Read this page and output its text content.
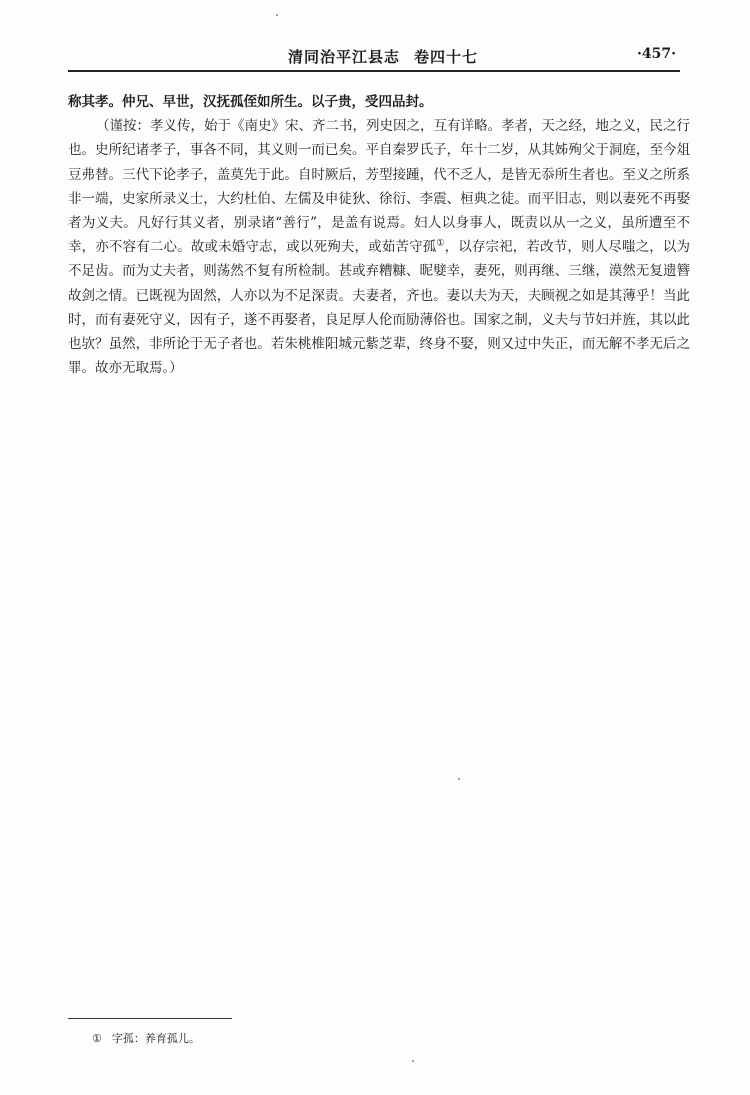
清同治平江县志 卷四十七	·457·

称其孝。仲兄、早世，汉抚孤侄如所生。以子贵，受四品封。

（谨按：孝义传，始于《南史》宋、齐二书，列史因之，互有详略。孝者，天之经，地之义，民之行也。史所纪诸孝子，事各不同，其义则一而已矣。平自秦罗氏子，年十二岁，从其姊殉父于洞庭，至今俎豆弗替。三代下论孝子，盖莫先于此。自时厥后，芳型接踵，代不乏人，是皆无忝所生者也。至义之所系非一端，史家所录义士，大约杜伯、左儒及申徒狄、徐衍、李震、桓典之徒。而平旧志，则以妻死不再娶者为义夫。凡好行其义者，别录诸“善行”，是盖有说焉。妇人以身事人，既责以从一之义，虽所遭至不幸，亦不容有二心。故或未婚守志，或以死殉夫，或茹苦守孤①，以存宗祀，若改节，则人尽嗤之，以为不足齿。而为丈夫者，则荡然不复有所检制。甚或弃糟糠、昵嬖幸，妻死，则再继、三继，漠然无复遗簪故剑之情。已既视为固然，人亦以为不足深责。夫妻者，齐也。妻以夫为天，夫顾视之如是其薄乎！当此时，而有妻死守义，因有子，遂不再娶者，良足厚人伦而励薄俗也。国家之制，义夫与节妇并旌，其以此也欤？虽然，非所论于无子者也。若朱桃椎阳城元紫芝辈，终身不娶，则又过中失正，而无解不孝无后之罪。故亦无取焉。）

① 字孤：养育孤儿。
